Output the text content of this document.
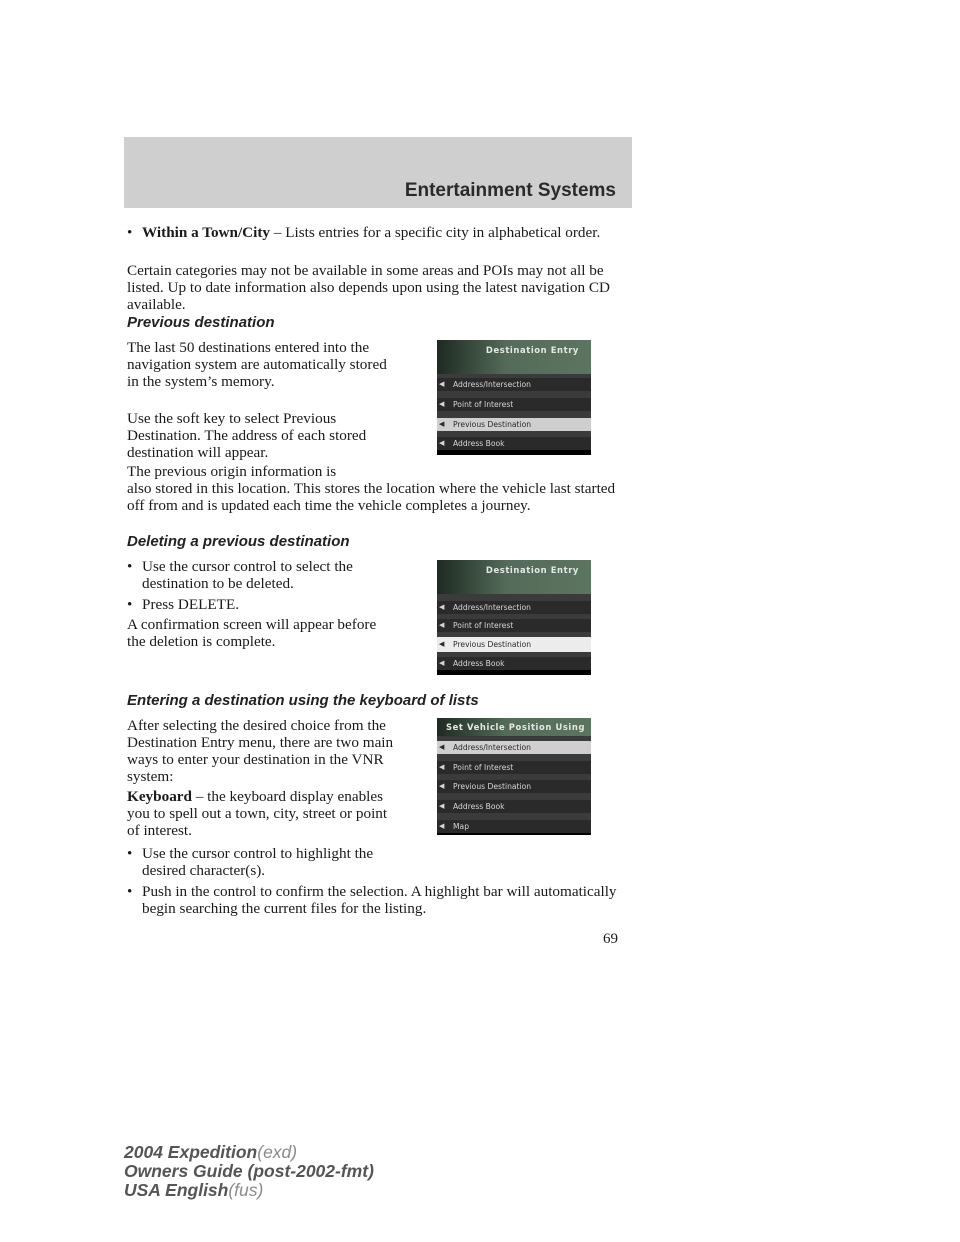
Entertainment Systems
• Within a Town/City – Lists entries for a specific city in alphabetical order.
Certain categories may not be available in some areas and POIs may not all be listed. Up to date information also depends upon using the latest navigation CD available.
Previous destination
The last 50 destinations entered into the navigation system are automatically stored in the system’s memory.
Use the soft key to select Previous Destination. The address of each stored destination will appear.
The previous origin information is
also stored in this location. This stores the location where the vehicle last started off from and is updated each time the vehicle completes a journey.
Destination Entry
◀ Address/Intersection
◀ Point of Interest
◀ Previous Destination
◀ Address Book
Deleting a previous destination
• Use the cursor control to select the destination to be deleted.
• Press DELETE.
A confirmation screen will appear before the deletion is complete.
Destination Entry
◀ Address/Intersection
◀ Point of Interest
◀ Previous Destination
◀ Address Book
Entering a destination using the keyboard of lists
After selecting the desired choice from the Destination Entry menu, there are two main ways to enter your destination in the VNR system:
Keyboard – the keyboard display enables you to spell out a town, city, street or point of interest.
• Use the cursor control to highlight the desired character(s).
• Push in the control to confirm the selection. A highlight bar will automatically begin searching the current files for the listing.
Set Vehicle Position Using
◀ Address/Intersection
◀ Point of Interest
◀ Previous Destination
◀ Address Book
◀ Map
69
2004 Expedition(exd)
Owners Guide (post-2002-fmt)
USA English(fus)
